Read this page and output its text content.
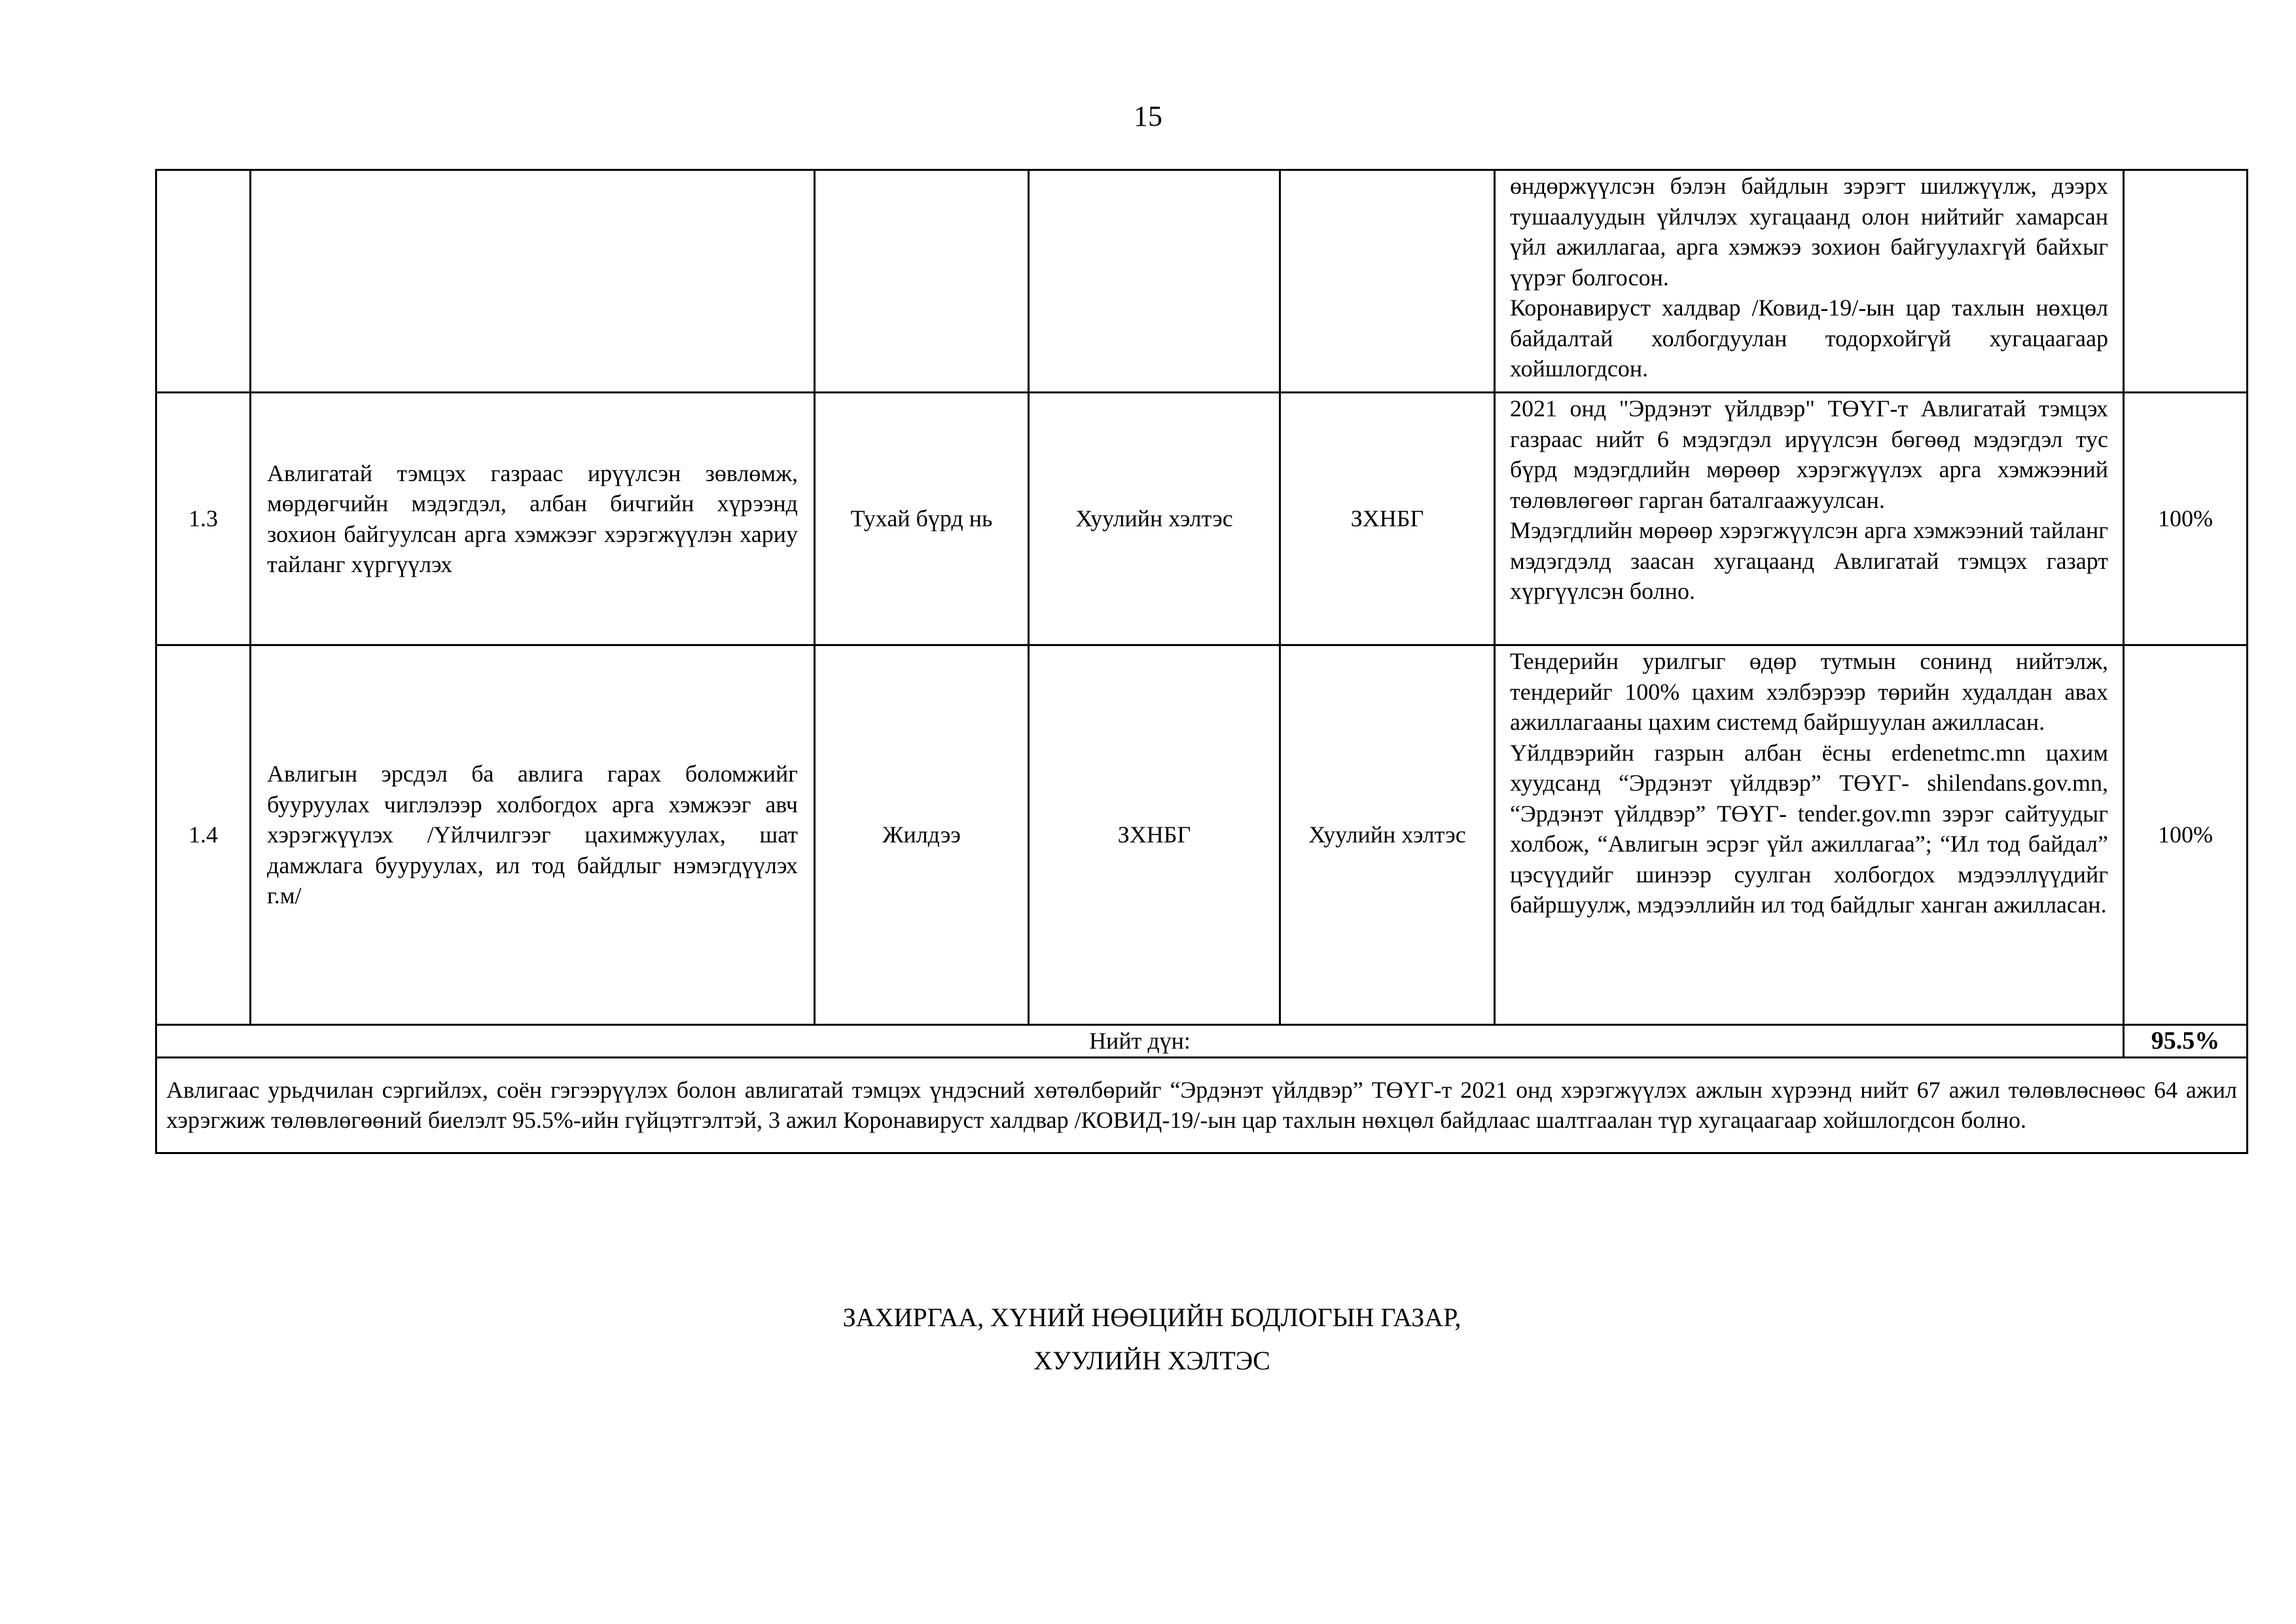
15

					өндөржүүлсэн бэлэн байдлын зэрэгт шилжүүлж, дээрх тушаалуудын үйлчлэх хугацаанд олон нийтийг хамарсан үйл ажиллагаа, арга хэмжээ зохион байгуулахгүй байхыг үүрэг болгосон.

Коронавируст халдвар /Ковид-19/-ын цар тахлын нөхцөл байдалтай холбогдуулан тодорхойгүй хугацаагаар хойшлогдсон.	

1.3	Авлигатай тэмцэх газраас ирүүлсэн зөвлөмж, мөрдөгчийн мэдэгдэл, албан бичгийн хүрээнд зохион байгуулсан арга хэмжээг хэрэгжүүлэн хариу тайланг хүргүүлэх	Тухай бүрд нь	Хуулийн хэлтэс	ЗХНБГ	2021 онд "Эрдэнэт үйлдвэр" ТӨҮГ-т Авлигатай тэмцэх газраас нийт 6 мэдэгдэл ирүүлсэн бөгөөд мэдэгдэл тус бүрд мэдэгдлийн мөрөөр хэрэгжүүлэх арга хэмжээний төлөвлөгөөг гарган баталгаажуулсан.

Мэдэгдлийн мөрөөр хэрэгжүүлсэн арга хэмжээний тайланг мэдэгдэлд заасан хугацаанд Авлигатай тэмцэх газарт хүргүүлсэн болно.	100%
1.4	Авлигын эрсдэл ба авлига гарах боломжийг бууруулах чиглэлээр холбогдох арга хэмжээг авч хэрэгжүүлэх /Үйлчилгээг цахимжуулах, шат дамжлага бууруулах, ил тод байдлыг нэмэгдүүлэх г.м/	Жилдээ	ЗХНБГ	Хуулийн хэлтэс	Тендерийн урилгыг өдөр тутмын сонинд нийтэлж, тендерийг 100% цахим хэлбэрээр төрийн худалдан авах ажиллагааны цахим системд байршуулан ажилласан.

Үйлдвэрийн газрын албан ёсны erdenetmc.mn цахим хуудсанд “Эрдэнэт үйлдвэр” ТӨҮГ- shilendans.gov.mn, “Эрдэнэт үйлдвэр” ТӨҮГ- tender.gov.mn зэрэг сайтуудыг холбож, “Авлигын эсрэг үйл ажиллагаа”; “Ил тод байдал” цэсүүдийг шинээр суулган холбогдох мэдээллүүдийг байршуулж, мэдээллийн ил тод байдлыг ханган ажилласан.	100%
Нийт дүн:						95.5%
Авлигаас урьдчилан сэргийлэх, соён гэгээрүүлэх болон авлигатай тэмцэх үндэсний хөтөлбөрийг “Эрдэнэт үйлдвэр” ТӨҮГ-т 2021 онд хэрэгжүүлэх ажлын хүрээнд нийт 67 ажил төлөвлөснөөс 64 ажил хэрэгжиж төлөвлөгөөний биелэлт 95.5%-ийн гүйцэтгэлтэй, 3 ажил Коронавируст халдвар /КОВИД-19/-ын цар тахлын нөхцөл байдлаас шалтгаалан түр хугацаагаар хойшлогдсон болно.						
ЗАХИРГАА, ХҮНИЙ НӨӨЦИЙН БОДЛОГЫН ГАЗАР,
ХУУЛИЙН ХЭЛТЭС
